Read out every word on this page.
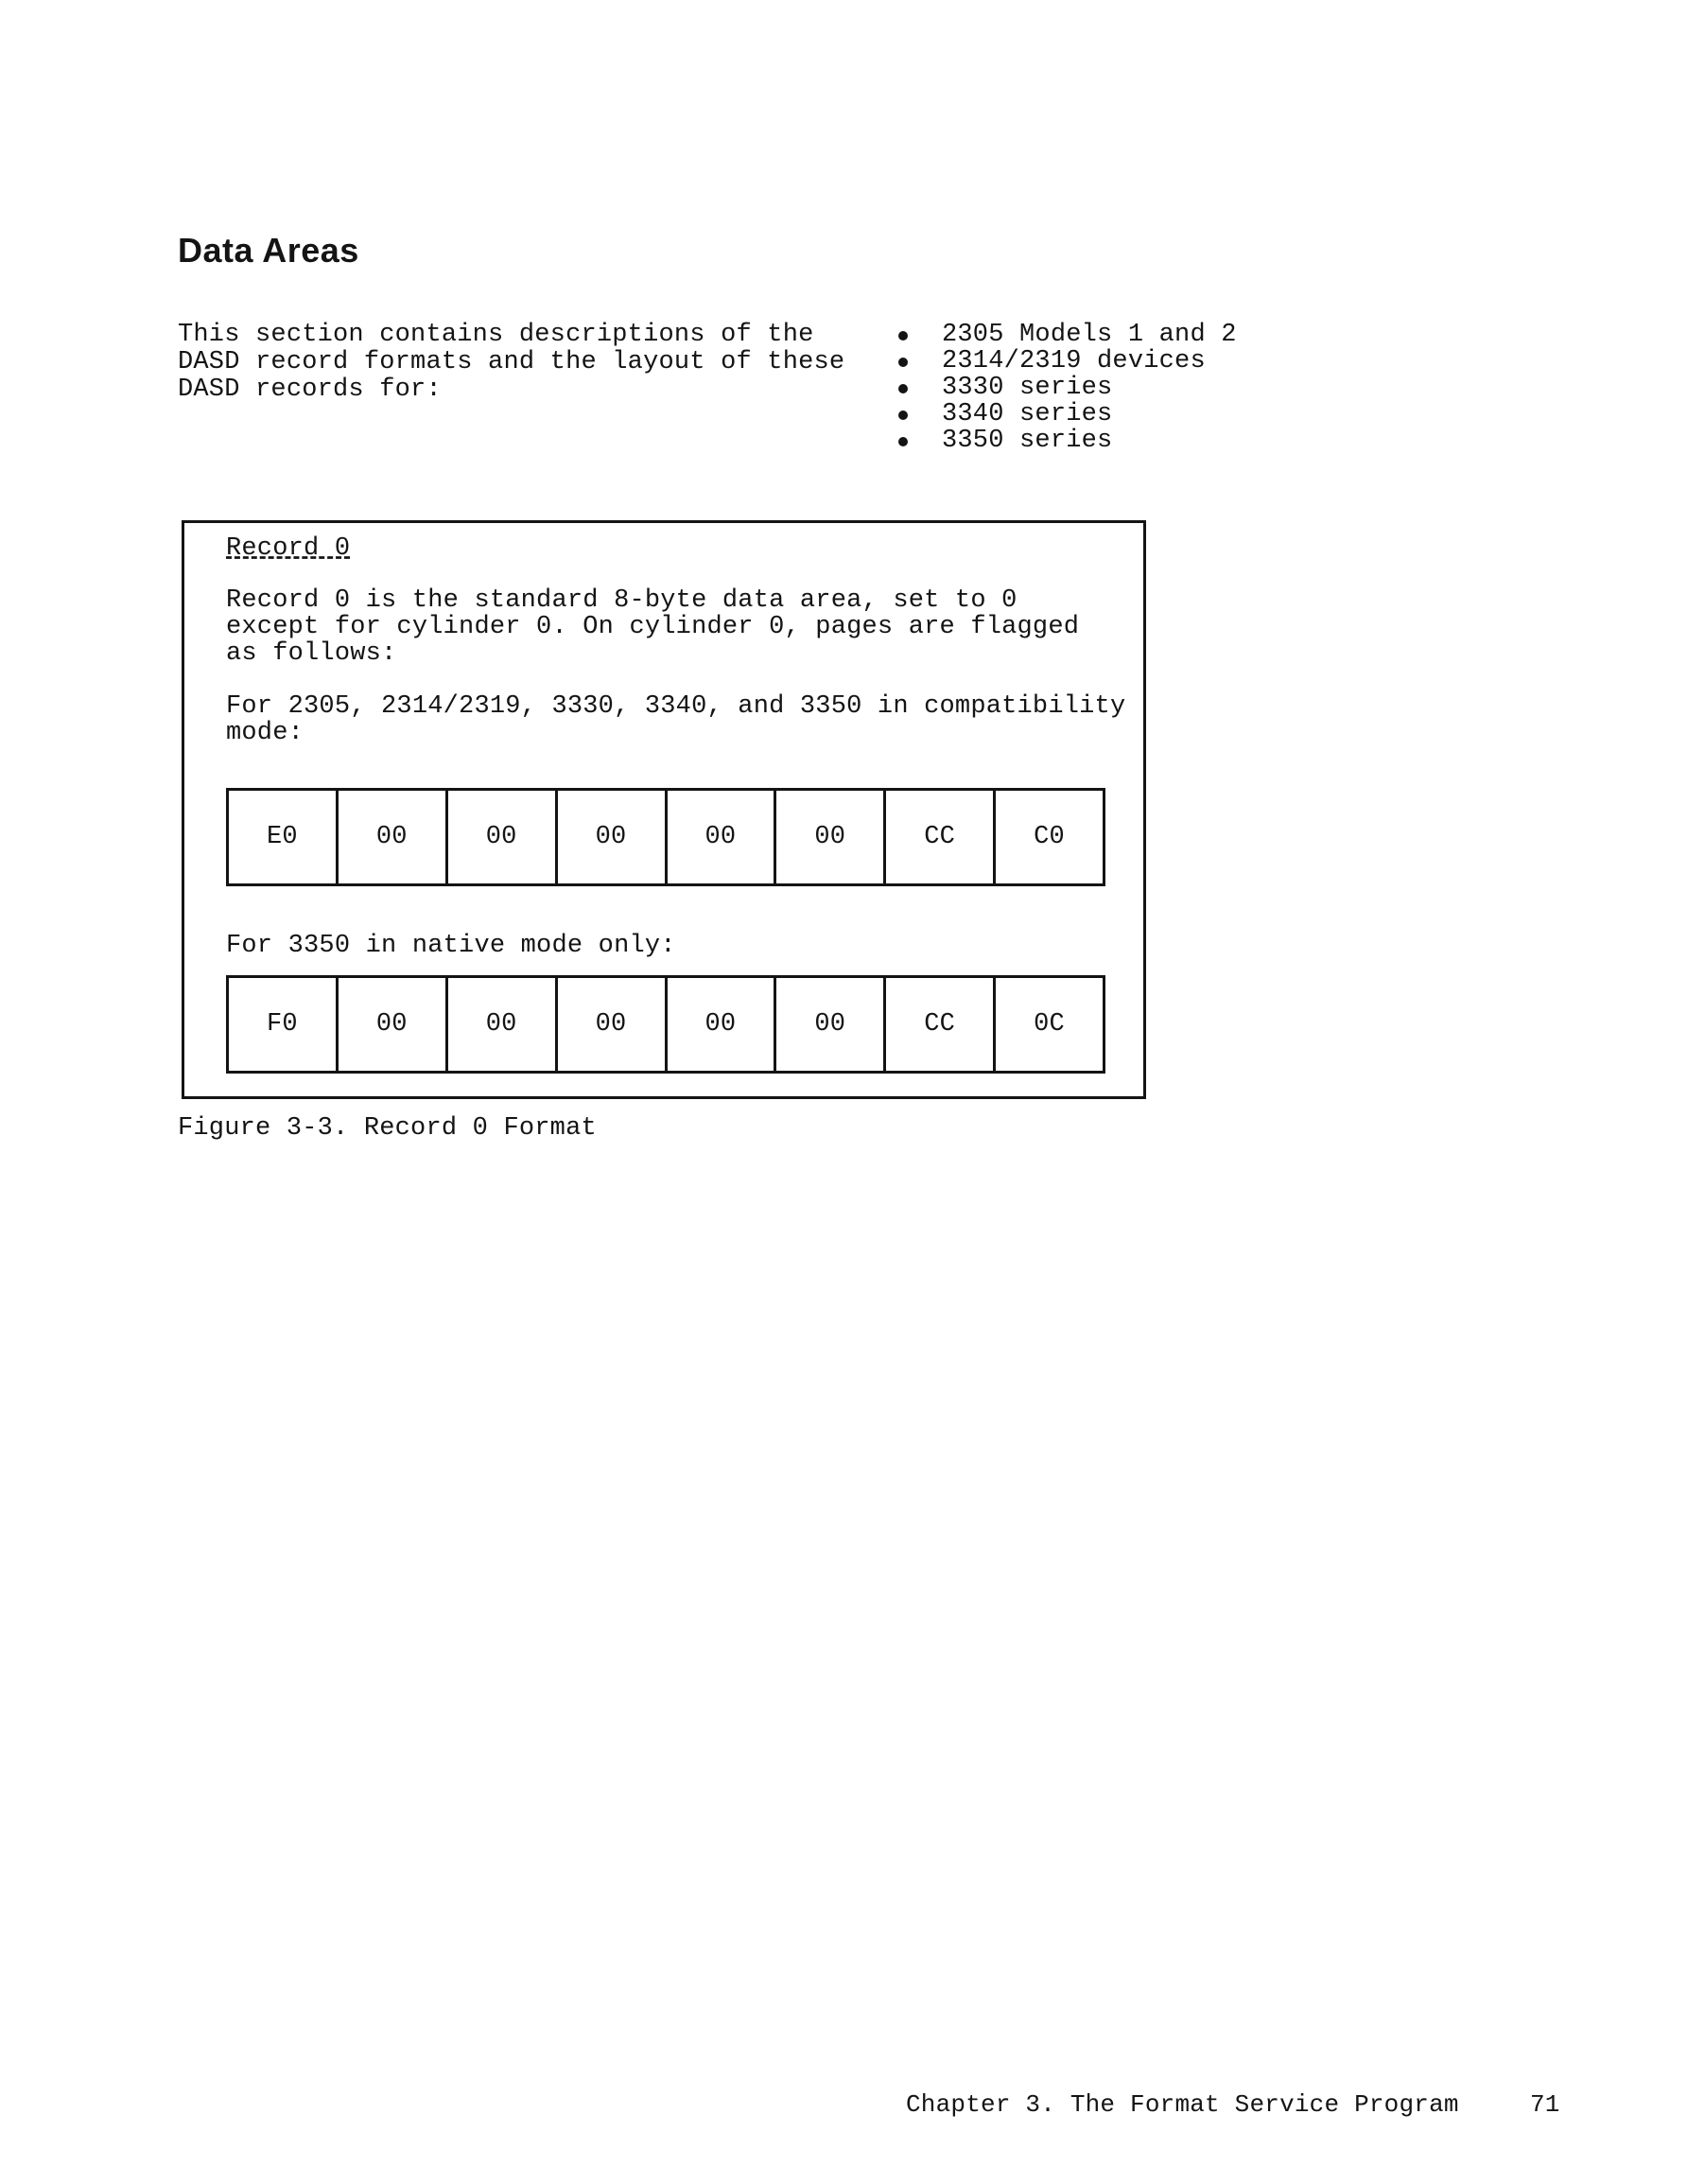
Data Areas

This section contains descriptions of the DASD record formats and the layout of these DASD records for:

2305 Models 1 and 2
2314/2319 devices
3330 series
3340 series
3350 series

Record 0

Record 0 is the standard 8-byte data area, set to 0 except for cylinder 0. On cylinder 0, pages are flagged as follows:

For 2305, 2314/2319, 3330, 3340, and 3350 in compatibility mode:

E0	00	00	00	00	00	CC	C0

For 3350 in native mode only:

F0	00	00	00	00	00	CC	0C

Figure 3-3. Record 0 Format

Chapter 3. The Format Service Program	71
